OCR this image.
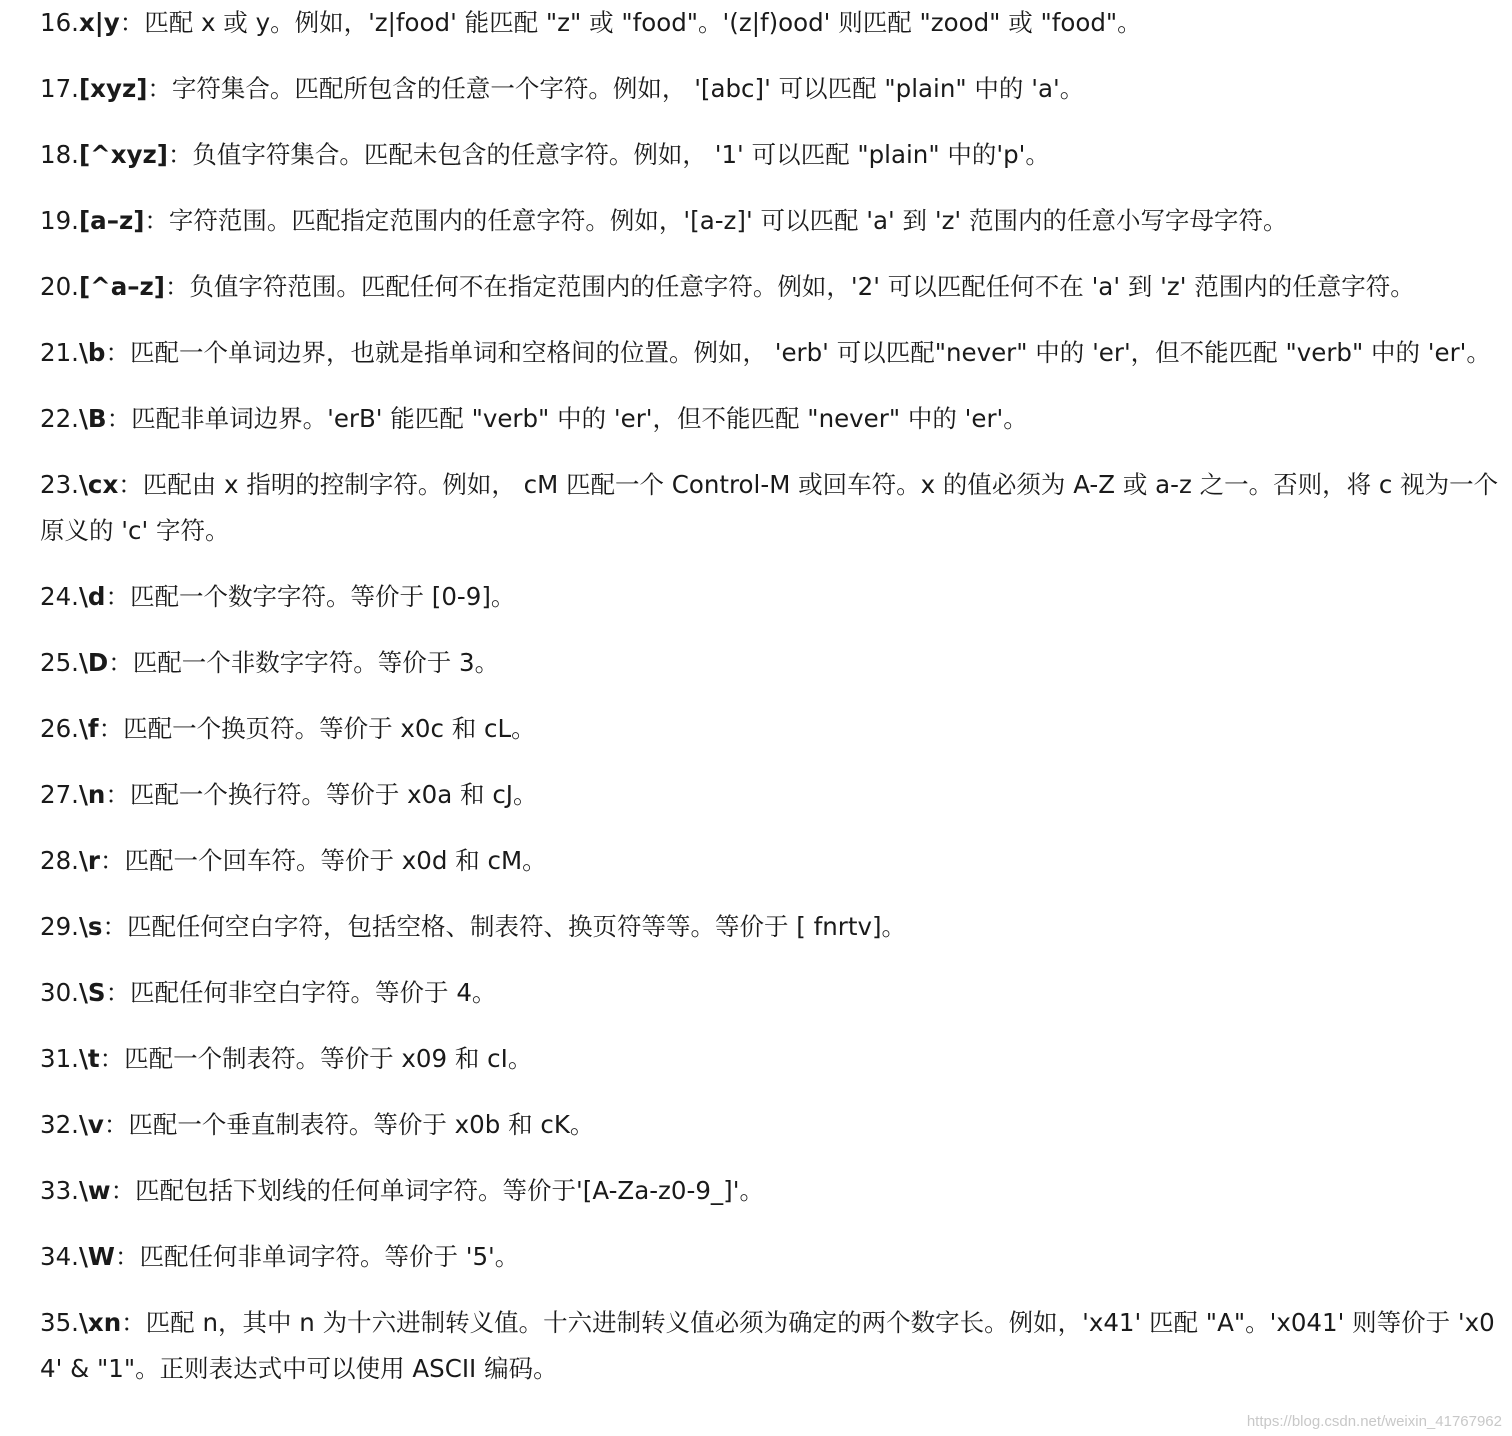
16.x|y：匹配 x 或 y。例如，'z|food' 能匹配 "z" 或 "food"。'(z|f)ood' 则匹配 "zood" 或 "food"。

17.[xyz]：字符集合。匹配所包含的任意一个字符。例如， '[abc]' 可以匹配 "plain" 中的 'a'。

18.[^xyz]：负值字符集合。匹配未包含的任意字符。例如， '1' 可以匹配 "plain" 中的'p'。

19.[a–z]：字符范围。匹配指定范围内的任意字符。例如，'[a-z]' 可以匹配 'a' 到 'z' 范围内的任意小写字母字符。

20.[^a–z]：负值字符范围。匹配任何不在指定范围内的任意字符。例如，'2' 可以匹配任何不在 'a' 到 'z' 范围内的任意字符。

21.\b：匹配一个单词边界，也就是指单词和空格间的位置。例如， 'erb' 可以匹配"never" 中的 'er'，但不能匹配 "verb" 中的 'er'。

22.\B：匹配非单词边界。'erB' 能匹配 "verb" 中的 'er'，但不能匹配 "never" 中的 'er'。

23.\cx：匹配由 x 指明的控制字符。例如， cM 匹配一个 Control-M 或回车符。x 的值必须为 A-Z 或 a-z 之一。否则，将 c 视为一个原义的 'c' 字符。

24.\d：匹配一个数字字符。等价于 [0-9]。

25.\D：匹配一个非数字字符。等价于 3。

26.\f：匹配一个换页符。等价于 x0c 和 cL。

27.\n：匹配一个换行符。等价于 x0a 和 cJ。

28.\r：匹配一个回车符。等价于 x0d 和 cM。

29.\s：匹配任何空白字符，包括空格、制表符、换页符等等。等价于 [ fnrtv]。

30.\S：匹配任何非空白字符。等价于 4。

31.\t：匹配一个制表符。等价于 x09 和 cI。

32.\v：匹配一个垂直制表符。等价于 x0b 和 cK。

33.\w：匹配包括下划线的任何单词字符。等价于'[A-Za-z0-9_]'。

34.\W：匹配任何非单词字符。等价于 '5'。

35.\xn：匹配 n，其中 n 为十六进制转义值。十六进制转义值必须为确定的两个数字长。例如，'x41' 匹配 "A"。'x041' 则等价于 'x04' & "1"。正则表达式中可以使用 ASCII 编码。

https://blog.csdn.net/weixin_41767962
